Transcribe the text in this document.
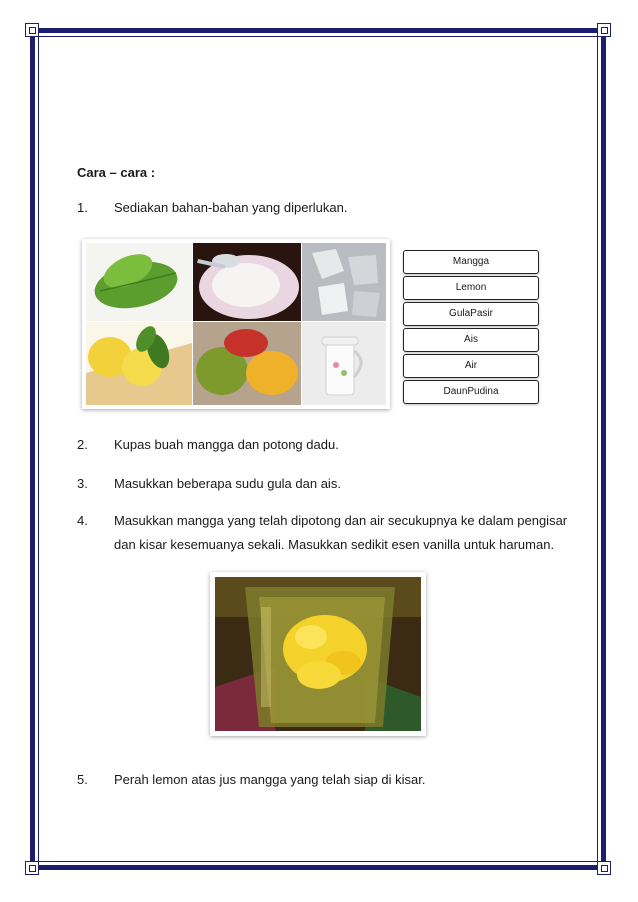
Cara – cara :
1.	Sediakan bahan-bahan yang diperlukan.
Mangga
Lemon
GulaPasir
Ais
Air
DaunPudina
2.	Kupas buah mangga dan potong dadu.
3.	Masukkan beberapa sudu gula dan ais.
4.	Masukkan mangga yang telah dipotong dan air secukupnya ke dalam pengisar dan kisar kesemuanya sekali. Masukkan sedikit esen vanilla untuk haruman.
5.	Perah lemon atas jus mangga yang telah siap di kisar.
